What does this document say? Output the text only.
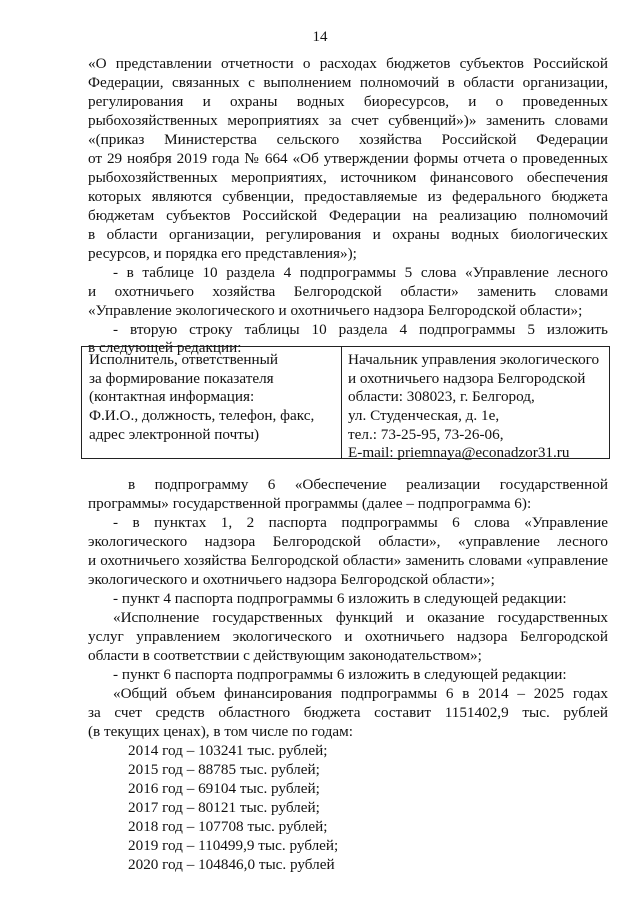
14
«О представлении отчетности о расходах бюджетов субъектов Российской
Федерации, связанных с выполнением полномочий в области организации,
регулирования и охраны водных биоресурсов, и о проведенных
рыбохозяйственных мероприятиях за счет субвенций»)» заменить словами
«(приказ Министерства сельского хозяйства Российской Федерации
от 29 ноября 2019 года № 664 «Об утверждении формы отчета о проведенных
рыбохозяйственных мероприятиях, источником финансового обеспечения
которых являются субвенции, предоставляемые из федерального бюджета
бюджетам субъектов Российской Федерации на реализацию полномочий
в области организации, регулирования и охраны водных биологических
ресурсов, и порядка его представления»);
- в таблице 10 раздела 4 подпрограммы 5 слова «Управление лесного
и охотничьего хозяйства Белгородской области» заменить словами
«Управление экологического и охотничьего надзора Белгородской области»;
- вторую строку таблицы 10 раздела 4 подпрограммы 5 изложить
в следующей редакции:
Исполнитель, ответственный
за формирование показателя
(контактная информация:
Ф.И.О., должность, телефон, факс,
адрес электронной почты)
Начальник управления экологического
и охотничьего надзора Белгородской
области: 308023, г. Белгород,
ул. Студенческая, д. 1е,
тел.: 73-25-95, 73-26-06,
E-mail: priemnaya@econadzor31.ru
в подпрограмму 6 «Обеспечение реализации государственной
программы» государственной программы (далее – подпрограмма 6):
- в пунктах 1, 2 паспорта подпрограммы 6 слова «Управление
экологического надзора Белгородской области», «управление лесного
и охотничьего хозяйства Белгородской области» заменить словами «управление
экологического и охотничьего надзора Белгородской области»;
- пункт 4 паспорта подпрограммы 6 изложить в следующей редакции:
«Исполнение государственных функций и оказание государственных
услуг управлением экологического и охотничьего надзора Белгородской
области в соответствии с действующим законодательством»;
- пункт 6 паспорта подпрограммы 6 изложить в следующей редакции:
«Общий объем финансирования подпрограммы 6 в 2014 – 2025 годах
за счет средств областного бюджета составит 1151402,9 тыс. рублей
(в текущих ценах), в том числе по годам:
2014 год – 103241 тыс. рублей;
2015 год – 88785 тыс. рублей;
2016 год – 69104 тыс. рублей;
2017 год – 80121 тыс. рублей;
2018 год – 107708 тыс. рублей;
2019 год – 110499,9 тыс. рублей;
2020 год – 104846,0 тыс. рублей
